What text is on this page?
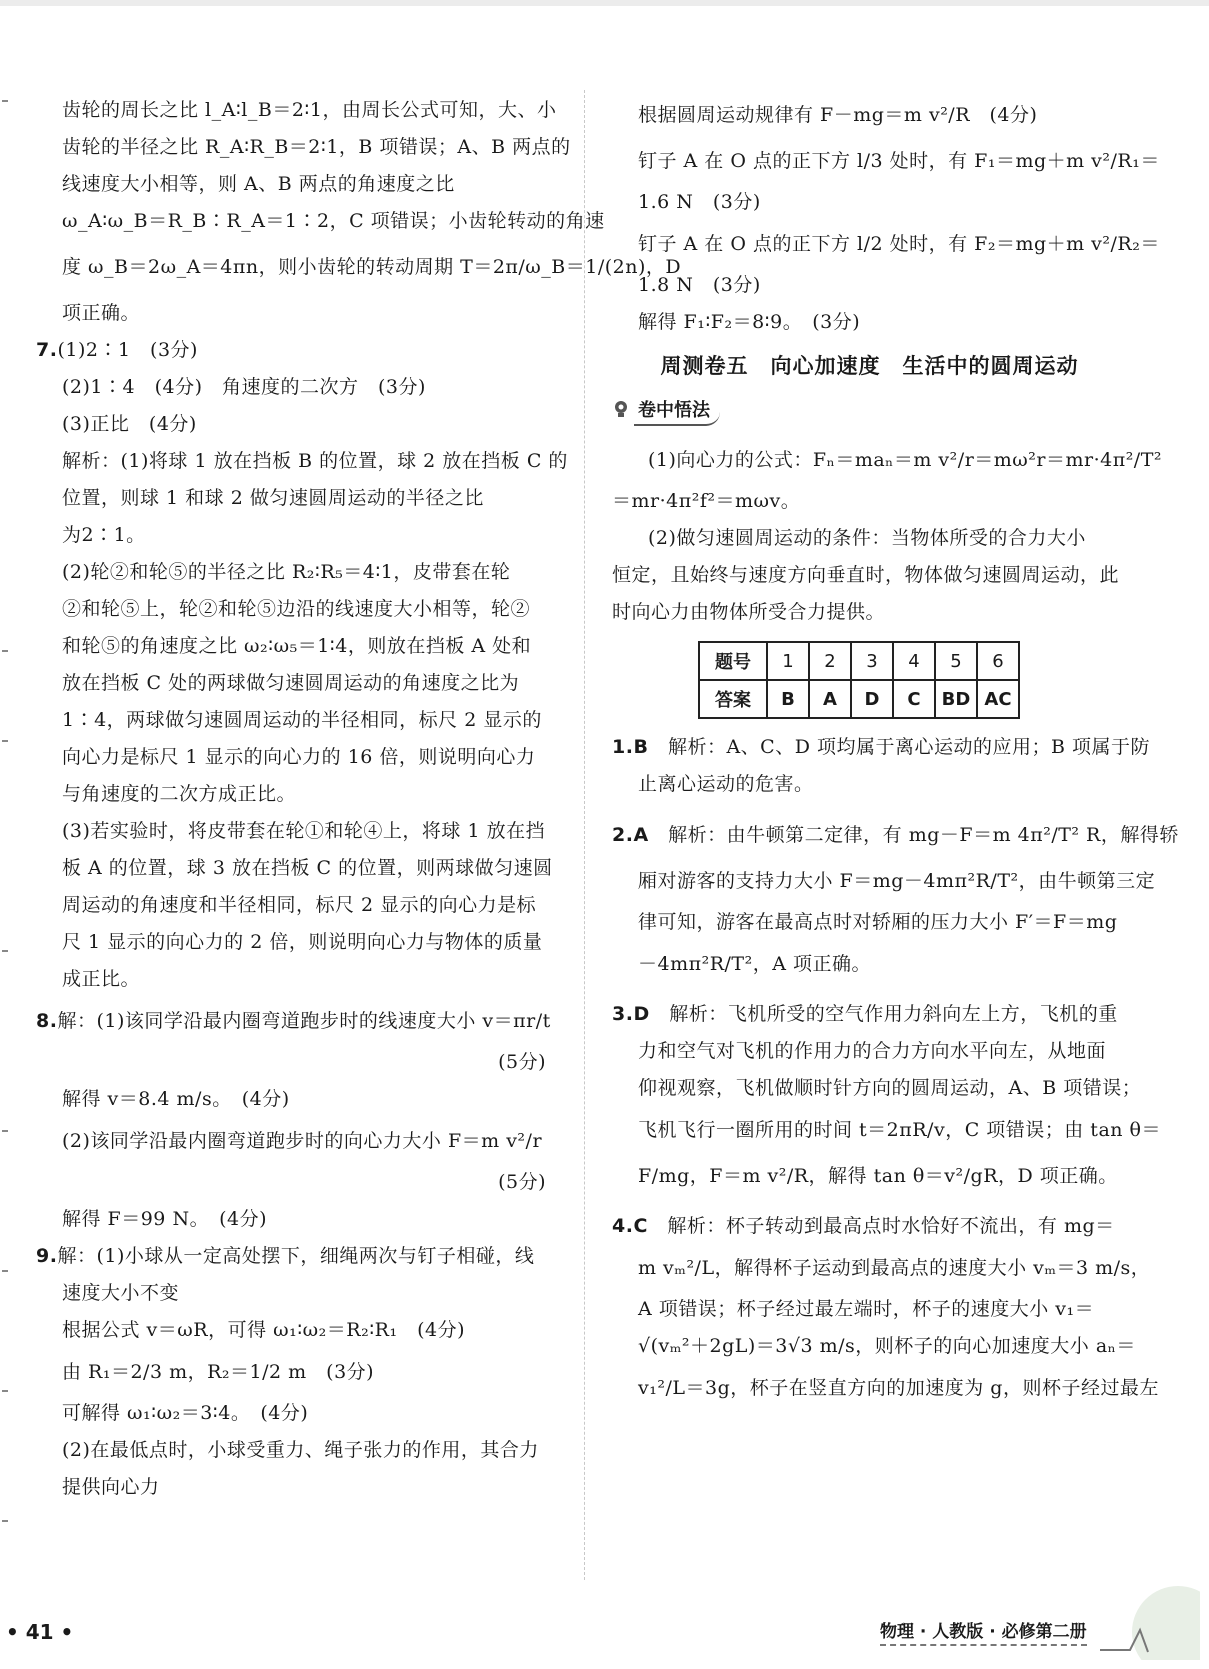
齿轮的周长之比 l_A∶l_B＝2∶1，由周长公式可知，大、小
齿轮的半径之比 R_A∶R_B＝2∶1，B 项错误；A、B 两点的
线速度大小相等，则 A、B 两点的角速度之比
ω_A∶ω_B＝R_B∶R_A＝1∶2，C 项错误；小齿轮转动的角速
度 ω_B＝2ω_A＝4πn，则小齿轮的转动周期 T＝2π/ω_B＝1/(2n)，D
项正确。
7.(1)2∶1　(3分)
(2)1∶4　(4分)　角速度的二次方　(3分)
(3)正比　(4分)
解析：(1)将球 1 放在挡板 B 的位置，球 2 放在挡板 C 的
位置，则球 1 和球 2 做匀速圆周运动的半径之比
为2∶1。
(2)轮②和轮⑤的半径之比 R₂∶R₅＝4∶1，皮带套在轮
②和轮⑤上，轮②和轮⑤边沿的线速度大小相等，轮②
和轮⑤的角速度之比 ω₂∶ω₅＝1∶4，则放在挡板 A 处和
放在挡板 C 处的两球做匀速圆周运动的角速度之比为
1∶4，两球做匀速圆周运动的半径相同，标尺 2 显示的
向心力是标尺 1 显示的向心力的 16 倍，则说明向心力
与角速度的二次方成正比。
(3)若实验时，将皮带套在轮①和轮④上，将球 1 放在挡
板 A 的位置，球 3 放在挡板 C 的位置，则两球做匀速圆
周运动的角速度和半径相同，标尺 2 显示的向心力是标
尺 1 显示的向心力的 2 倍，则说明向心力与物体的质量
成正比。
8.解：(1)该同学沿最内圈弯道跑步时的线速度大小 v＝πr/t
(5分)
解得 v＝8.4 m/s。　(4分)
(2)该同学沿最内圈弯道跑步时的向心力大小 F＝m v²/r
(5分)
解得 F＝99 N。　(4分)
9.解：(1)小球从一定高处摆下，细绳两次与钉子相碰，线
速度大小不变
根据公式 v＝ωR，可得 ω₁∶ω₂＝R₂∶R₁　(4分)
由 R₁＝2/3 m，R₂＝1/2 m　(3分)
可解得 ω₁∶ω₂＝3∶4。　(4分)
(2)在最低点时，小球受重力、绳子张力的作用，其合力
提供向心力
根据圆周运动规律有 F－mg＝m v²/R　(4分)
钉子 A 在 O 点的正下方 l/3 处时，有 F₁＝mg＋m v²/R₁＝
1.6 N　(3分)
钉子 A 在 O 点的正下方 l/2 处时，有 F₂＝mg＋m v²/R₂＝
1.8 N　(3分)
解得 F₁∶F₂＝8∶9。　(3分)
周测卷五　向心加速度　生活中的圆周运动
卷中悟法
(1)向心力的公式：Fₙ＝maₙ＝m v²/r＝mω²r＝mr·4π²/T²
＝mr·4π²f²＝mωv。
(2)做匀速圆周运动的条件：当物体所受的合力大小
恒定，且始终与速度方向垂直时，物体做匀速圆周运动，此
时向心力由物体所受合力提供。
题号	1	2	3	4	5	6
答案	B	A	D	C	BD	AC
1.B　 解析：A、C、D 项均属于离心运动的应用；B 项属于防
止离心运动的危害。
2.A　 解析：由牛顿第二定律，有 mg－F＝m 4π²/T² R，解得轿
厢对游客的支持力大小 F＝mg－4mπ²R/T²，由牛顿第三定
律可知，游客在最高点时对轿厢的压力大小 F′＝F＝mg
－4mπ²R/T²，A 项正确。
3.D　 解析：飞机所受的空气作用力斜向左上方，飞机的重
力和空气对飞机的作用力的合力方向水平向左，从地面
仰视观察，飞机做顺时针方向的圆周运动，A、B 项错误；
飞机飞行一圈所用的时间 t＝2πR/v，C 项错误；由 tan θ＝
F/mg，F＝m v²/R，解得 tan θ＝v²/gR，D 项正确。
4.C　 解析：杯子转动到最高点时水恰好不流出，有 mg＝
m vₘ²/L，解得杯子运动到最高点的速度大小 vₘ＝3 m/s，
A 项错误；杯子经过最左端时，杯子的速度大小 v₁＝
√(vₘ²＋2gL)＝3√3 m/s，则杯子的向心加速度大小 aₙ＝
v₁²/L＝3g，杯子在竖直方向的加速度为 g，则杯子经过最左
• 41 •	物理 · 人教版 · 必修第二册
